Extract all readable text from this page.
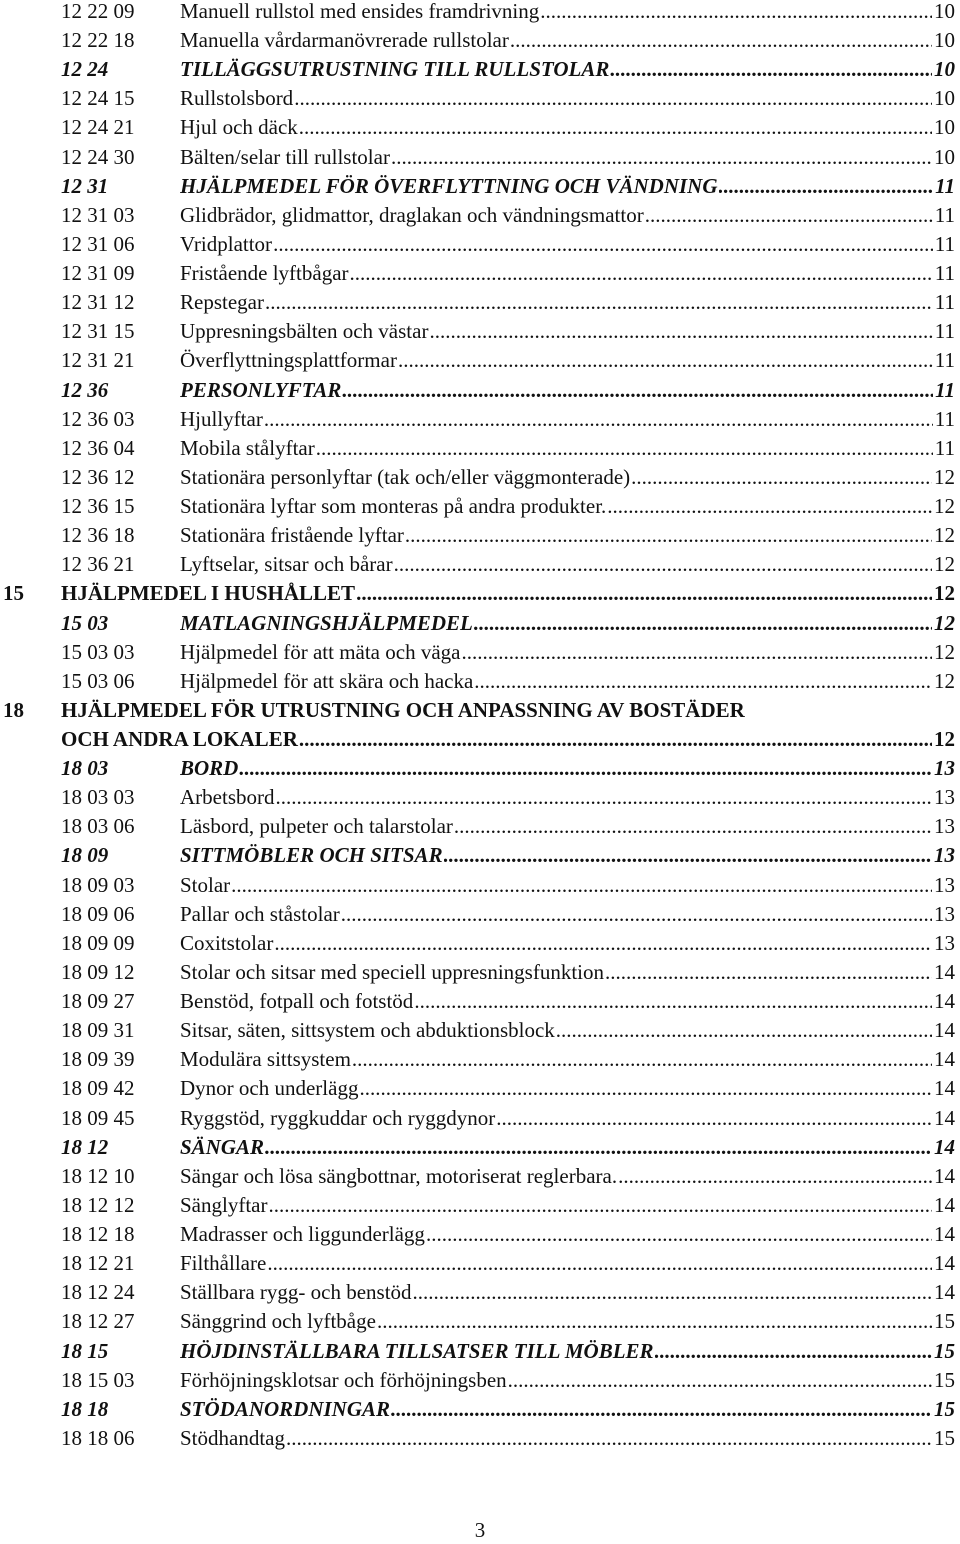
12 22 09 Manuell rullstol med ensides framdrivning .....	10
12 22 18 Manuella vårdarmanövrerade rullstolar .....	10
12 24	TILLÄGGSUTRUSTNING TILL RULLSTOLAR .....	10
12 24 15 Rullstolsbord .....	10
12 24 21 Hjul och däck .....	10
12 24 30 Bälten/selar till rullstolar .....	10
12 31	HJÄLPMEDEL FÖR ÖVERFLYTTNING OCH VÄNDNING .....	11
12 31 03 Glidbrädor, glidmattor, draglakan och vändningsmattor .....	11
12 31 06 Vridplattor .....	11
12 31 09 Fristående lyftbågar .....	11
12 31 12 Repstegar .....	11
12 31 15 Uppresningsbälten och västar .....	11
12 31 21 Överflyttningsplattformar .....	11
12 36	PERSONLYFTAR .....	11
12 36 03 Hjullyftar .....	11
12 36 04 Mobila stålyftar .....	11
12 36 12 Stationära personlyftar (tak och/eller väggmonterade) .....	12
12 36 15 Stationära lyftar som monteras på andra produkter. .....	12
12 36 18 Stationära fristående lyftar .....	12
12 36 21 Lyftselar, sitsar och bårar .....	12
15 HJÄLPMEDEL I HUSHÅLLET .....	12
15 03	MATLAGNINGSHJÄLPMEDEL .....	12
15 03 03 Hjälpmedel för att mäta och väga .....	12
15 03 06 Hjälpmedel för att skära och hacka .....	12
18 HJÄLPMEDEL FÖR UTRUSTNING OCH ANPASSNING AV BOSTÄDER
OCH ANDRA LOKALER .....	12
18 03	BORD .....	13
18 03 03 Arbetsbord .....	13
18 03 06 Läsbord, pulpeter och talarstolar .....	13
18 09	SITTMÖBLER OCH SITSAR .....	13
18 09 03 Stolar .....	13
18 09 06 Pallar och ståstolar .....	13
18 09 09 Coxitstolar .....	13
18 09 12 Stolar och sitsar med speciell uppresningsfunktion .....	14
18 09 27 Benstöd, fotpall och fotstöd .....	14
18 09 31 Sitsar, säten, sittsystem och abduktionsblock .....	14
18 09 39 Modulära sittsystem .....	14
18 09 42 Dynor och underlägg .....	14
18 09 45 Ryggstöd, ryggkuddar och ryggdynor .....	14
18 12	SÄNGAR .....	14
18 12 10 Sängar och lösa sängbottnar, motoriserat reglerbara. .....	14
18 12 12 Sänglyftar .....	14
18 12 18 Madrasser och liggunderlägg .....	14
18 12 21 Filthållare .....	14
18 12 24 Ställbara rygg- och benstöd .....	14
18 12 27 Sänggrind och lyftbåge .....	15
18 15	HÖJDINSTÄLLBARA TILLSATSER TILL MÖBLER .....	15
18 15 03 Förhöjningsklotsar och förhöjningsben .....	15
18 18	STÖDANORDNINGAR .....	15
18 18 06 Stödhandtag .....	15
3
